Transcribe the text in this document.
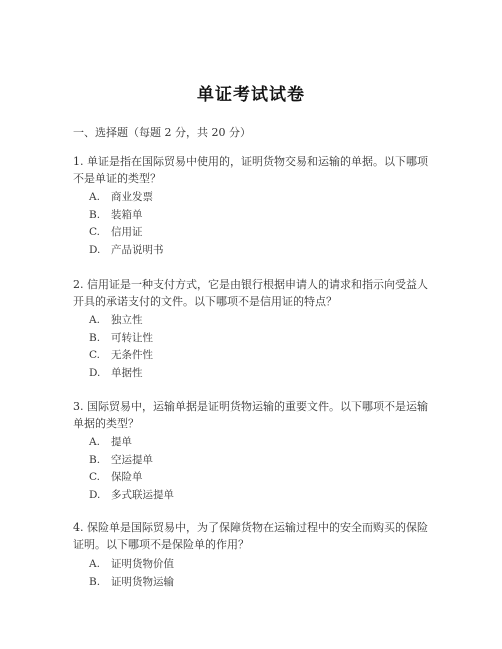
单证考试试卷
一、选择题（每题 2 分，共 20 分）
1. 单证是指在国际贸易中使用的，证明货物交易和运输的单据。以下哪项不是单证的类型？
A. 商业发票
B. 装箱单
C. 信用证
D. 产品说明书
2. 信用证是一种支付方式，它是由银行根据申请人的请求和指示向受益人开具的承诺支付的文件。以下哪项不是信用证的特点？
A. 独立性
B. 可转让性
C. 无条件性
D. 单据性
3. 国际贸易中，运输单据是证明货物运输的重要文件。以下哪项不是运输单据的类型？
A. 提单
B. 空运提单
C. 保险单
D. 多式联运提单
4. 保险单是国际贸易中，为了保障货物在运输过程中的安全而购买的保险证明。以下哪项不是保险单的作用？
A. 证明货物价值
B. 证明货物运输
